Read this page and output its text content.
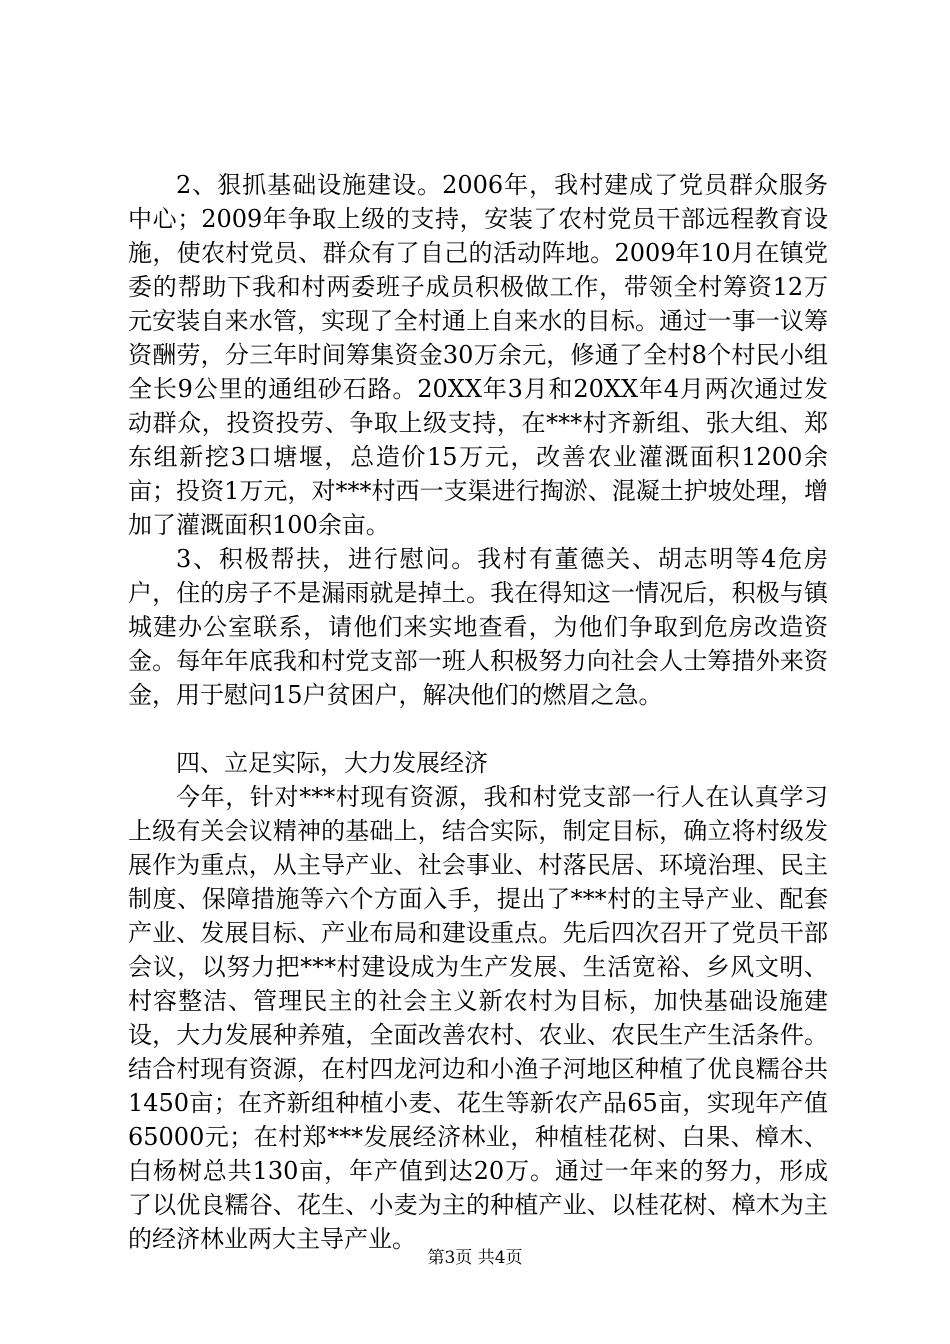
2、狠抓基础设施建设。2006年，我村建成了党员群众服务中心；2009年争取上级的支持，安装了农村党员干部远程教育设施，使农村党员、群众有了自己的活动阵地。2009年10月在镇党委的帮助下我和村两委班子成员积极做工作，带领全村筹资12万元安装自来水管，实现了全村通上自来水的目标。通过一事一议筹资酬劳，分三年时间筹集资金30万余元，修通了全村8个村民小组全长9公里的通组砂石路。20XX年3月和20XX年4月两次通过发动群众，投资投劳、争取上级支持，在***村齐新组、张大组、郑东组新挖3口塘堰，总造价15万元，改善农业灌溉面积1200余亩；投资1万元，对***村西一支渠进行掏淤、混凝土护坡处理，增加了灌溉面积100余亩。

3、积极帮扶，进行慰问。我村有董德关、胡志明等4危房户，住的房子不是漏雨就是掉土。我在得知这一情况后，积极与镇城建办公室联系，请他们来实地查看，为他们争取到危房改造资金。每年年底我和村党支部一班人积极努力向社会人士筹措外来资金，用于慰问15户贫困户，解决他们的燃眉之急。

四、立足实际，大力发展经济

今年，针对***村现有资源，我和村党支部一行人在认真学习上级有关会议精神的基础上，结合实际，制定目标，确立将村级发展作为重点，从主导产业、社会事业、村落民居、环境治理、民主制度、保障措施等六个方面入手，提出了***村的主导产业、配套产业、发展目标、产业布局和建设重点。先后四次召开了党员干部会议，以努力把***村建设成为生产发展、生活宽裕、乡风文明、村容整洁、管理民主的社会主义新农村为目标，加快基础设施建设，大力发展种养殖，全面改善农村、农业、农民生产生活条件。结合村现有资源，在村四龙河边和小渔子河地区种植了优良糯谷共1450亩；在齐新组种植小麦、花生等新农产品65亩，实现年产值65000元；在村郑***发展经济林业，种植桂花树、白果、樟木、白杨树总共130亩，年产值到达20万。通过一年来的努力，形成了以优良糯谷、花生、小麦为主的种植产业、以桂花树、樟木为主的经济林业两大主导产业。

第3页 共4页
